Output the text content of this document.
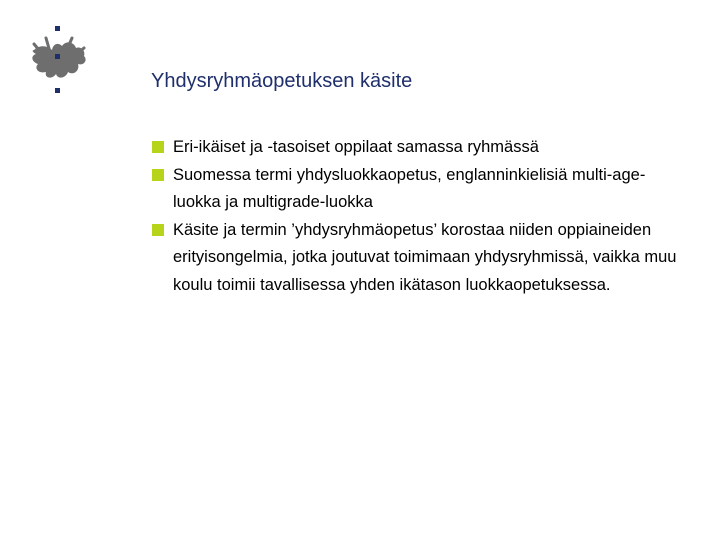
Yhdysryhmäopetuksen käsite
Eri-ikäiset ja -tasoiset oppilaat samassa ryhmässä
Suomessa termi yhdysluokkaopetus, englanninkielisiä multi-age-luokka ja multigrade-luokka
Käsite ja termin ’yhdysryhmäopetus’ korostaa niiden oppiaineiden erityisongelmia, jotka joutuvat toimimaan yhdysryhmissä, vaikka muu koulu toimii tavallisessa yhden ikätason luokkaopetuksessa.
